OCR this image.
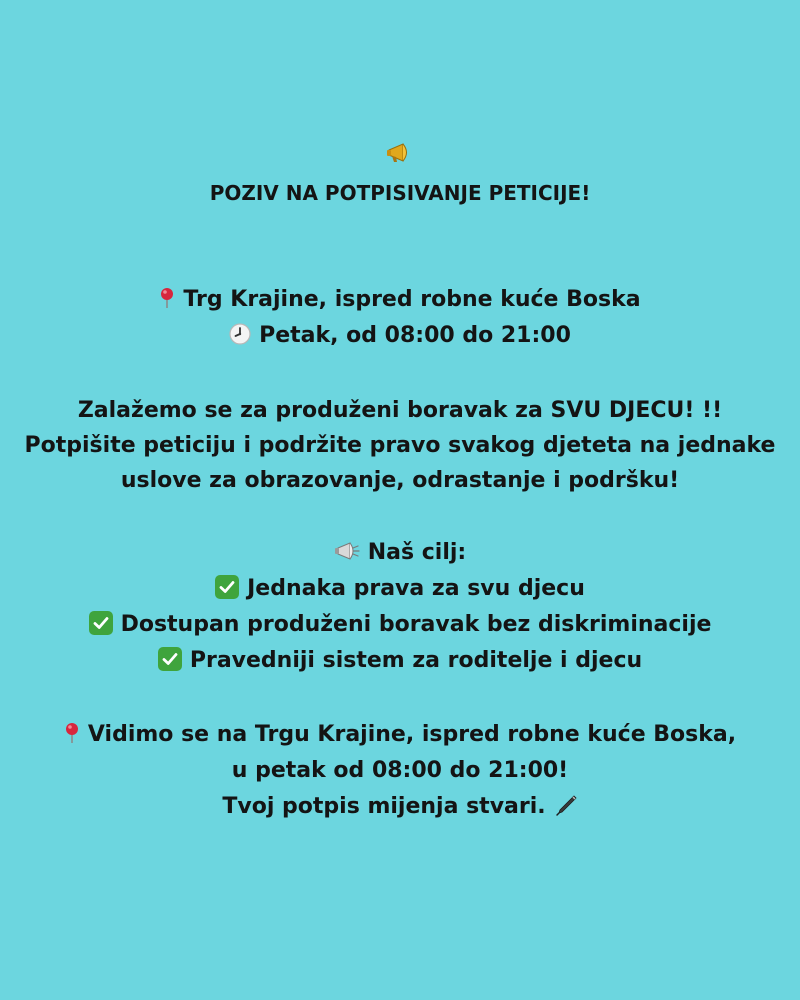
POZIV NA POTPISIVANJE PETICIJE!
Trg Krajine, ispred robne kuće Boska
Petak, od 08:00 do 21:00
Zalažemo se za produženi boravak za SVU DJECU! !!
Potpišite peticiju i podržite pravo svakog djeteta na jednake
uslove za obrazovanje, odrastanje i podršku!
Naš cilj:
Jednaka prava za svu djecu
Dostupan produženi boravak bez diskriminacije
Pravedniji sistem za roditelje i djecu
Vidimo se na Trgu Krajine, ispred robne kuće Boska,
u petak od 08:00 do 21:00!
Tvoj potpis mijenja stvari.
